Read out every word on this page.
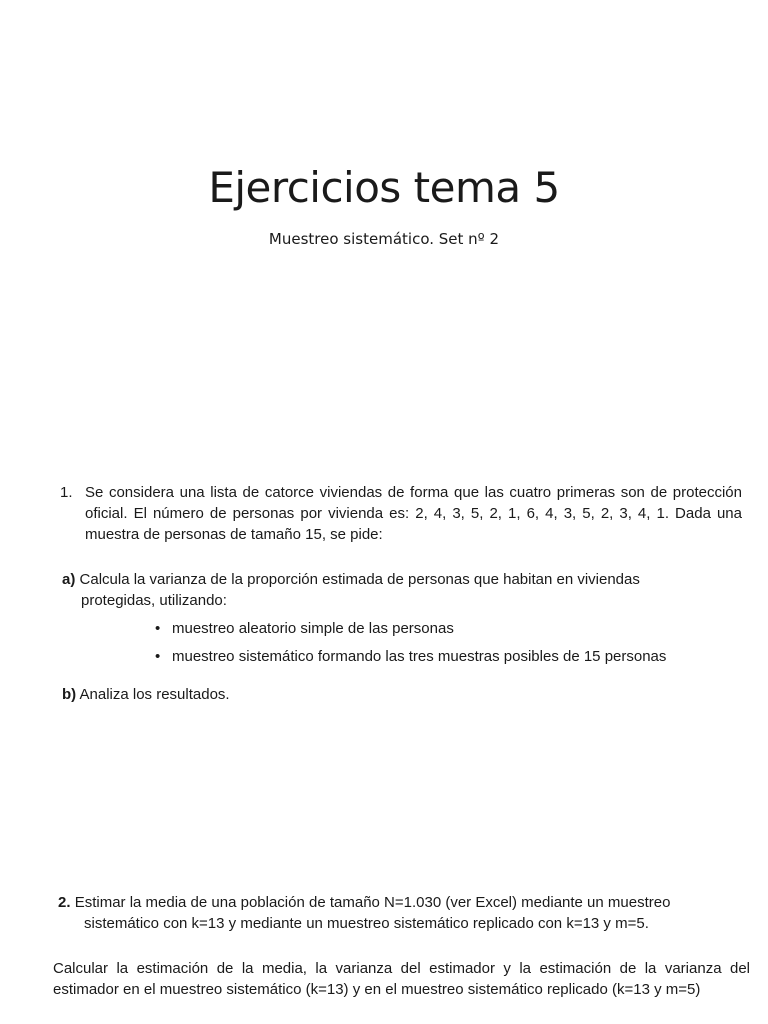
Ejercicios tema 5
Muestreo sistemático. Set nº 2
1. Se considera una lista de catorce viviendas de forma que las cuatro primeras son de protección oficial. El número de personas por vivienda es: 2, 4, 3, 5, 2, 1, 6, 4, 3, 5, 2, 3, 4, 1. Dada una muestra de personas de tamaño 15, se pide:
a) Calcula la varianza de la proporción estimada de personas que habitan en viviendas
protegidas, utilizando:
• muestreo aleatorio simple de las personas
• muestreo sistemático formando las tres muestras posibles de 15 personas
b) Analiza los resultados.
2. Estimar la media de una población de tamaño N=1.030 (ver Excel) mediante un muestreo
sistemático con k=13 y mediante un muestreo sistemático replicado con k=13 y m=5.
Calcular la estimación de la media, la varianza del estimador y la estimación de la varianza del estimador en el muestreo sistemático (k=13) y en el muestreo sistemático replicado (k=13 y m=5)
